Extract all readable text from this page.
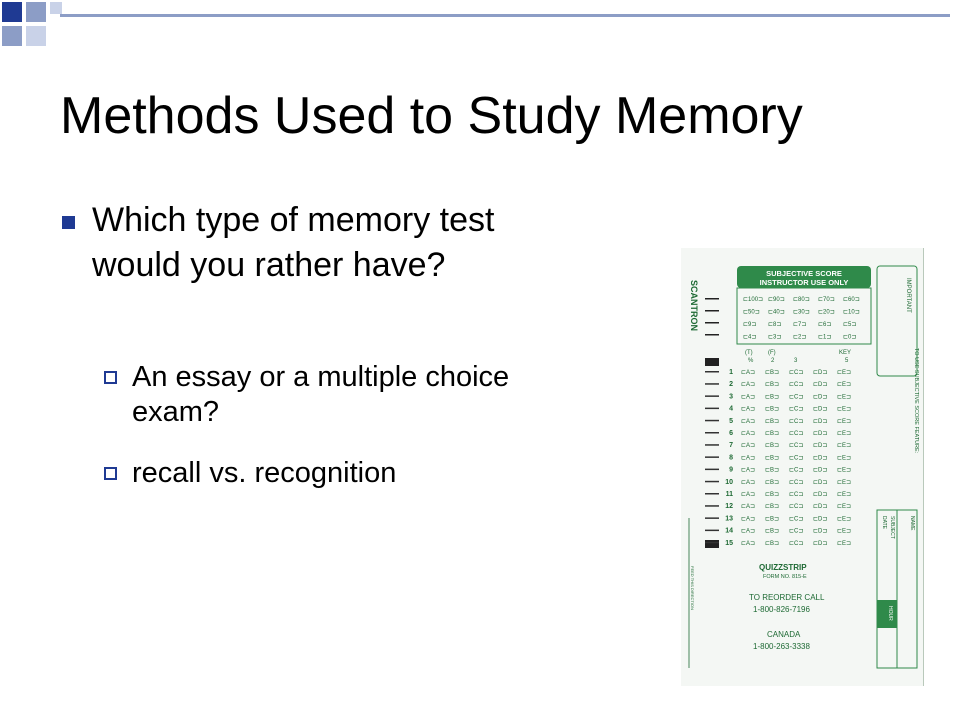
Methods Used to Study Memory
Which type of memory test would you rather have?
An essay or a multiple choice exam?
recall vs. recognition
SCANTRON
FEED THIS DIRECTION
SUBJECTIVE SCORE
INSTRUCTOR USE ONLY
⊏100⊐ ⊏90⊐ ⊏80⊐ ⊏70⊐ ⊏60⊐
⊏50⊐ ⊏40⊐ ⊏30⊐ ⊏20⊐ ⊏10⊐
⊏9⊐ ⊏8⊐ ⊏7⊐ ⊏6⊐ ⊏5⊐
⊏4⊐ ⊏3⊐ ⊏2⊐ ⊏1⊐ ⊏0⊐
(T)	(F)	KEY
%	2	3	5
1 ⊏A⊐ ⊏B⊐ ⊏C⊐ ⊏D⊐ ⊏E⊐
2 ⊏A⊐ ⊏B⊐ ⊏C⊐ ⊏D⊐ ⊏E⊐
3 ⊏A⊐ ⊏B⊐ ⊏C⊐ ⊏D⊐ ⊏E⊐
4 ⊏A⊐ ⊏B⊐ ⊏C⊐ ⊏D⊐ ⊏E⊐
5 ⊏A⊐ ⊏B⊐ ⊏C⊐ ⊏D⊐ ⊏E⊐
6 ⊏A⊐ ⊏B⊐ ⊏C⊐ ⊏D⊐ ⊏E⊐
7 ⊏A⊐ ⊏B⊐ ⊏C⊐ ⊏D⊐ ⊏E⊐
8 ⊏A⊐ ⊏B⊐ ⊏C⊐ ⊏D⊐ ⊏E⊐
9 ⊏A⊐ ⊏B⊐ ⊏C⊐ ⊏D⊐ ⊏E⊐
10 ⊏A⊐ ⊏B⊐ ⊏C⊐ ⊏D⊐ ⊏E⊐
11 ⊏A⊐ ⊏B⊐ ⊏C⊐ ⊏D⊐ ⊏E⊐
12 ⊏A⊐ ⊏B⊐ ⊏C⊐ ⊏D⊐ ⊏E⊐
13 ⊏A⊐ ⊏B⊐ ⊏C⊐ ⊏D⊐ ⊏E⊐
14 ⊏A⊐ ⊏B⊐ ⊏C⊐ ⊏D⊐ ⊏E⊐
15 ⊏A⊐ ⊏B⊐ ⊏C⊐ ⊏D⊐ ⊏E⊐
QUIZZSTRIP
FORM NO. 815-E
TO REORDER CALL
1-800-826-7196
CANADA
1-800-263-3338
IMPORTANT
TO USE SUBJECTIVE SCORE FEATURE:
NAME
SUBJECT
DATE
HOUR
